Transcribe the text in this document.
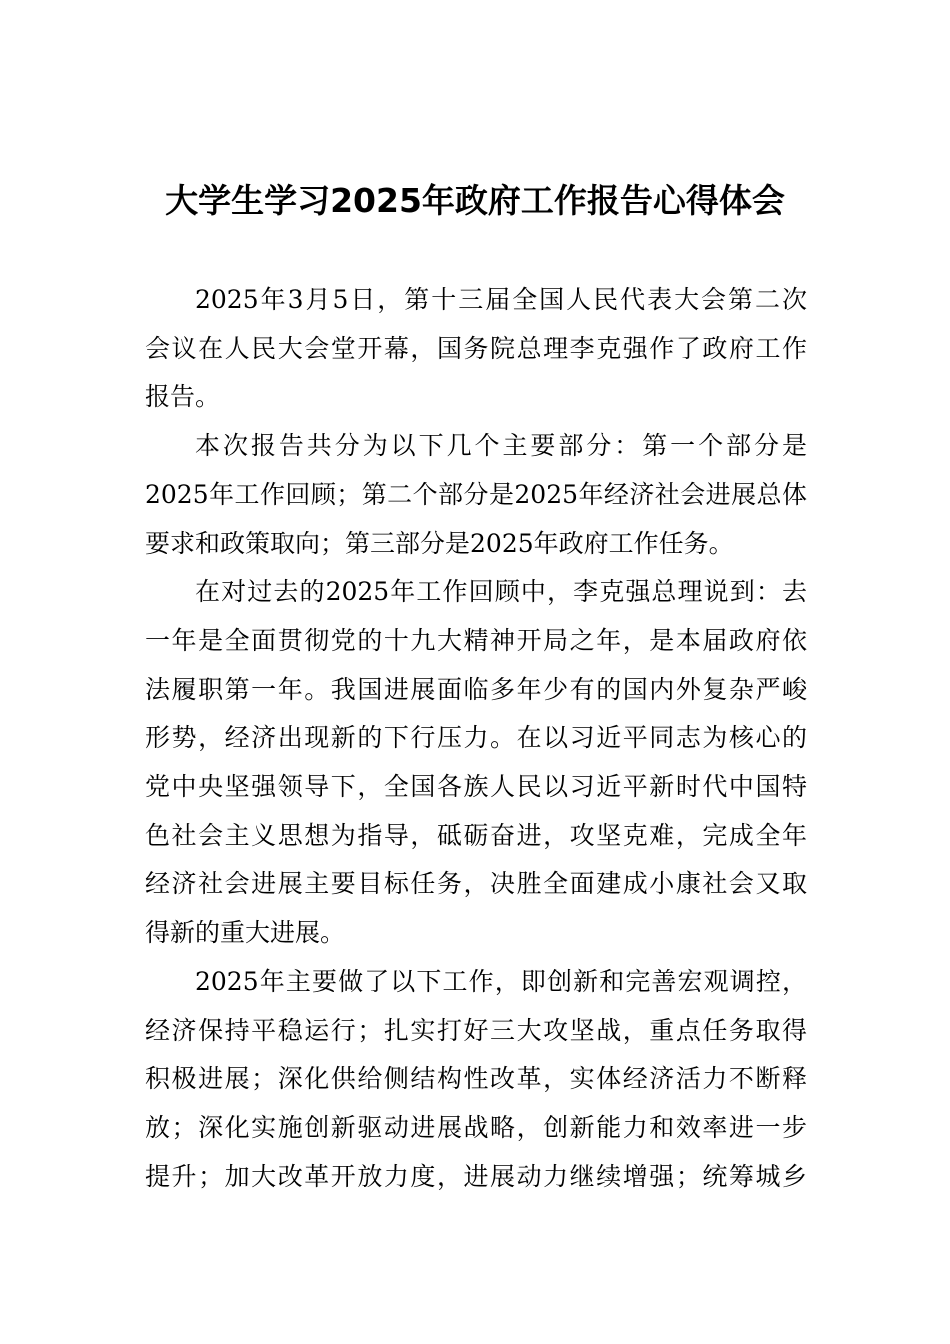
大学生学习2025年政府工作报告心得体会

2025年3月5日，第十三届全国人民代表大会第二次
会议在人民大会堂开幕，国务院总理李克强作了政府工作
报告。

本次报告共分为以下几个主要部分：第一个部分是
2025年工作回顾；第二个部分是2025年经济社会进展总体
要求和政策取向；第三部分是2025年政府工作任务。

在对过去的2025年工作回顾中，李克强总理说到：去
一年是全面贯彻党的十九大精神开局之年，是本届政府依
法履职第一年。我国进展面临多年少有的国内外复杂严峻
形势，经济出现新的下行压力。在以习近平同志为核心的
党中央坚强领导下，全国各族人民以习近平新时代中国特
色社会主义思想为指导，砥砺奋进，攻坚克难，完成全年
经济社会进展主要目标任务，决胜全面建成小康社会又取
得新的重大进展。

2025年主要做了以下工作，即创新和完善宏观调控，
经济保持平稳运行；扎实打好三大攻坚战，重点任务取得
积极进展；深化供给侧结构性改革，实体经济活力不断释
放；深化实施创新驱动进展战略，创新能力和效率进一步
提升；加大改革开放力度，进展动力继续增强；统筹城乡
